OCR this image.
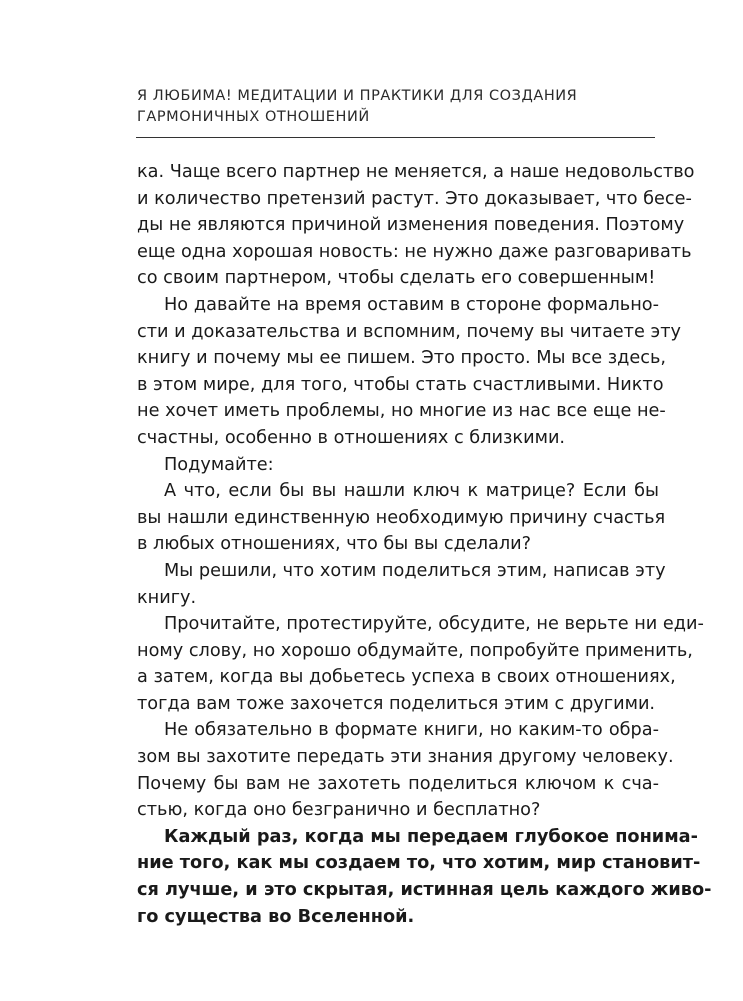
Я ЛЮБИМА! МЕДИТАЦИИ И ПРАКТИКИ ДЛЯ СОЗДАНИЯ
ГАРМОНИЧНЫХ ОТНОШЕНИЙ
ка. Чаще всего партнер не меняется, а наше недовольство
и количество претензий растут. Это доказывает, что бесе-
ды не являются причиной изменения поведения. Поэтому
еще одна хорошая новость: не нужно даже разговаривать
со своим партнером, чтобы сделать его совершенным!
Но давайте на время оставим в стороне формально-
сти и доказательства и вспомним, почему вы читаете эту
книгу и почему мы ее пишем. Это просто. Мы все здесь,
в этом мире, для того, чтобы стать счастливыми. Никто
не хочет иметь проблемы, но многие из нас все еще не-
счастны, особенно в отношениях с близкими.
Подумайте:
А что, если бы вы нашли ключ к матрице? Если бы
вы нашли единственную необходимую причину счастья
в любых отношениях, что бы вы сделали?
Мы решили, что хотим поделиться этим, написав эту
книгу.
Прочитайте, протестируйте, обсудите, не верьте ни еди-
ному слову, но хорошо обдумайте, попробуйте применить,
а затем, когда вы добьетесь успеха в своих отношениях,
тогда вам тоже захочется поделиться этим с другими.
Не обязательно в формате книги, но каким-то обра-
зом вы захотите передать эти знания другому человеку.
Почему бы вам не захотеть поделиться ключом к сча-
стью, когда оно безгранично и бесплатно?
Каждый раз, когда мы передаем глубокое понима-
ние того, как мы создаем то, что хотим, мир становит-
ся лучше, и это скрытая, истинная цель каждого живо-
го существа во Вселенной.
